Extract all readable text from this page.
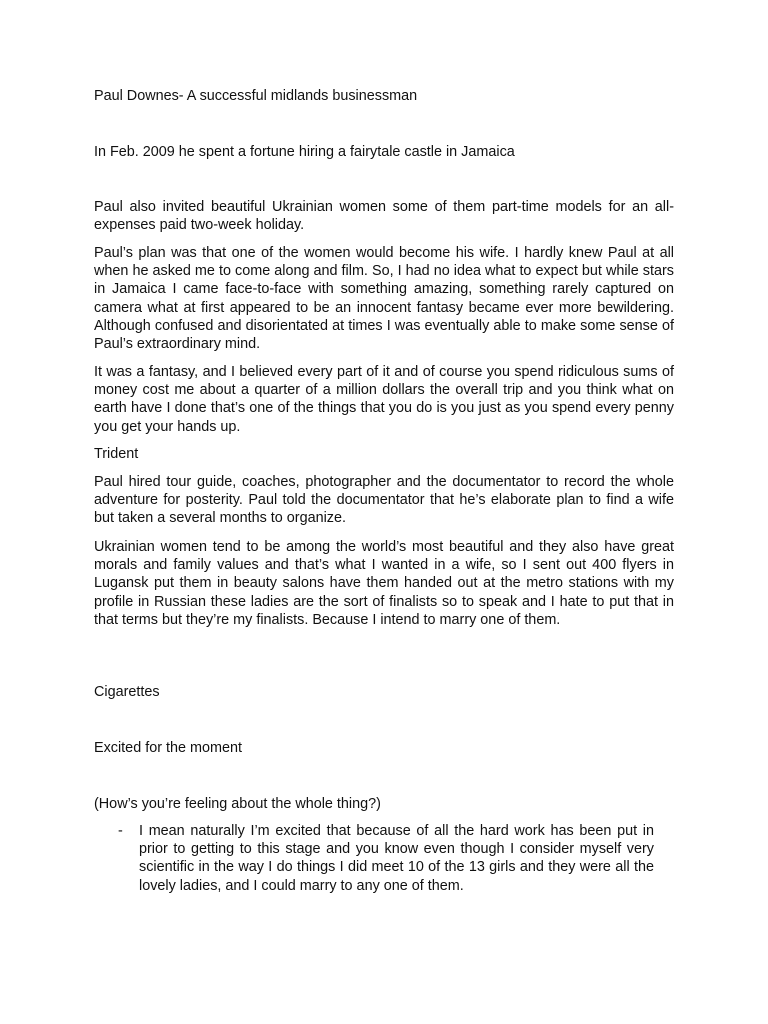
Paul Downes- A successful midlands businessman

In Feb. 2009 he spent a fortune hiring a fairytale castle in Jamaica

Paul also invited beautiful Ukrainian women some of them part-time models for an all-expenses paid two-week holiday.

Paul’s plan was that one of the women would become his wife. I hardly knew Paul at all when he asked me to come along and film. So, I had no idea what to expect but while stars in Jamaica I came face-to-face with something amazing, something rarely captured on camera what at first appeared to be an innocent fantasy became ever more bewildering. Although confused and disorientated at times I was eventually able to make some sense of Paul’s extraordinary mind.

It was a fantasy, and I believed every part of it and of course you spend ridiculous sums of money cost me about a quarter of a million dollars the overall trip and you think what on earth have I done that’s one of the things that you do is you just as you spend every penny you get your hands up.

Trident

Paul hired tour guide, coaches, photographer and the documentator to record the whole adventure for posterity. Paul told the documentator that he’s elaborate plan to find a wife but taken a several months to organize.

Ukrainian women tend to be among the world’s most beautiful and they also have great morals and family values and that’s what I wanted in a wife, so I sent out 400 flyers in Lugansk put them in beauty salons have them handed out at the metro stations with my profile in Russian these ladies are the sort of finalists so to speak and I hate to put that in that terms but they’re my finalists. Because I intend to marry one of them.

Cigarettes

Excited for the moment

(How’s you’re feeling about the whole thing?)

- I mean naturally I’m excited that because of all the hard work has been put in prior to getting to this stage and you know even though I consider myself very scientific in the way I do things I did meet 10 of the 13 girls and they were all the lovely ladies, and I could marry to any one of them.
